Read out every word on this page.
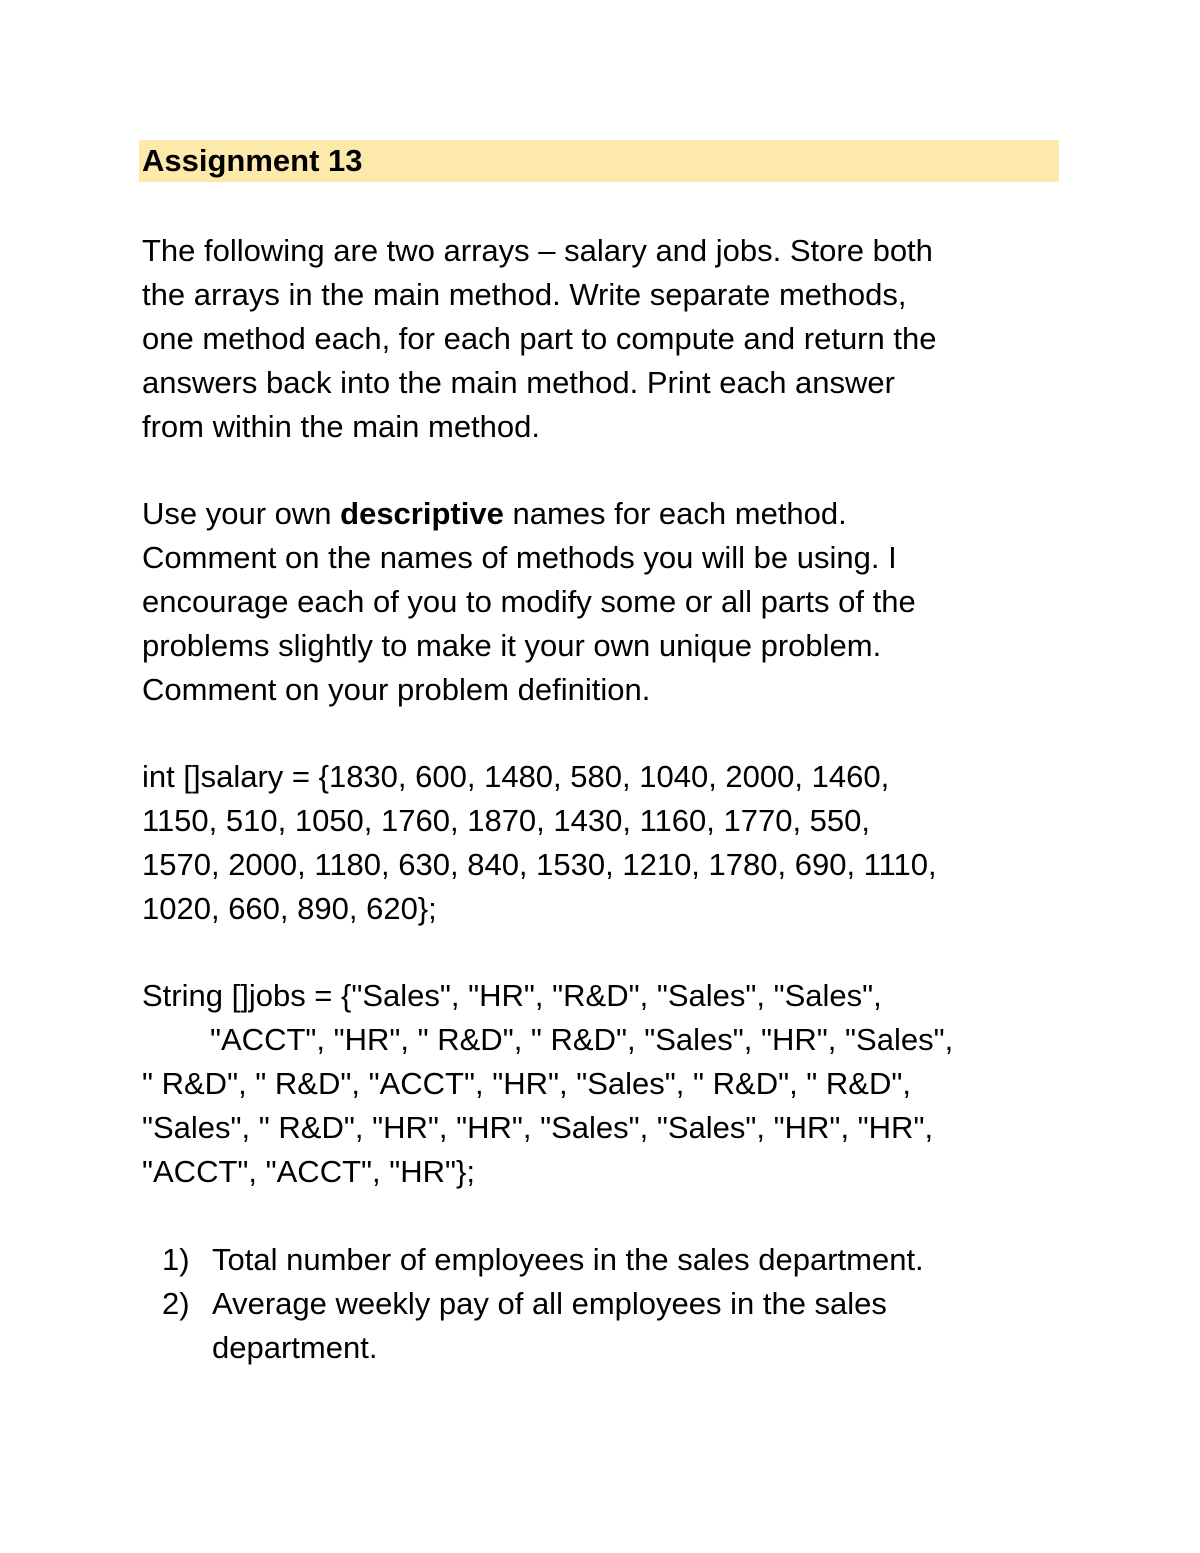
Assignment 13
The following are two arrays – salary and jobs. Store both
the arrays in the main method. Write separate methods,
one method each, for each part to compute and return the
answers back into the main method. Print each answer
from within the main method.
Use your own descriptive names for each method.
Comment on the names of methods you will be using. I
encourage each of you to modify some or all parts of the
problems slightly to make it your own unique problem.
Comment on your problem definition.
int []salary = {1830, 600, 1480, 580, 1040, 2000, 1460,
1150, 510, 1050, 1760, 1870, 1430, 1160, 1770, 550,
1570, 2000, 1180, 630, 840, 1530, 1210, 1780, 690, 1110,
1020, 660, 890, 620};
String []jobs = {"Sales", "HR", "R&D", "Sales", "Sales",
"ACCT", "HR", " R&D", " R&D", "Sales", "HR", "Sales",
" R&D", " R&D", "ACCT", "HR", "Sales", " R&D", " R&D",
"Sales", " R&D", "HR", "HR", "Sales", "Sales", "HR", "HR",
"ACCT", "ACCT", "HR"};
1) Total number of employees in the sales department.
2) Average weekly pay of all employees in the sales
department.
